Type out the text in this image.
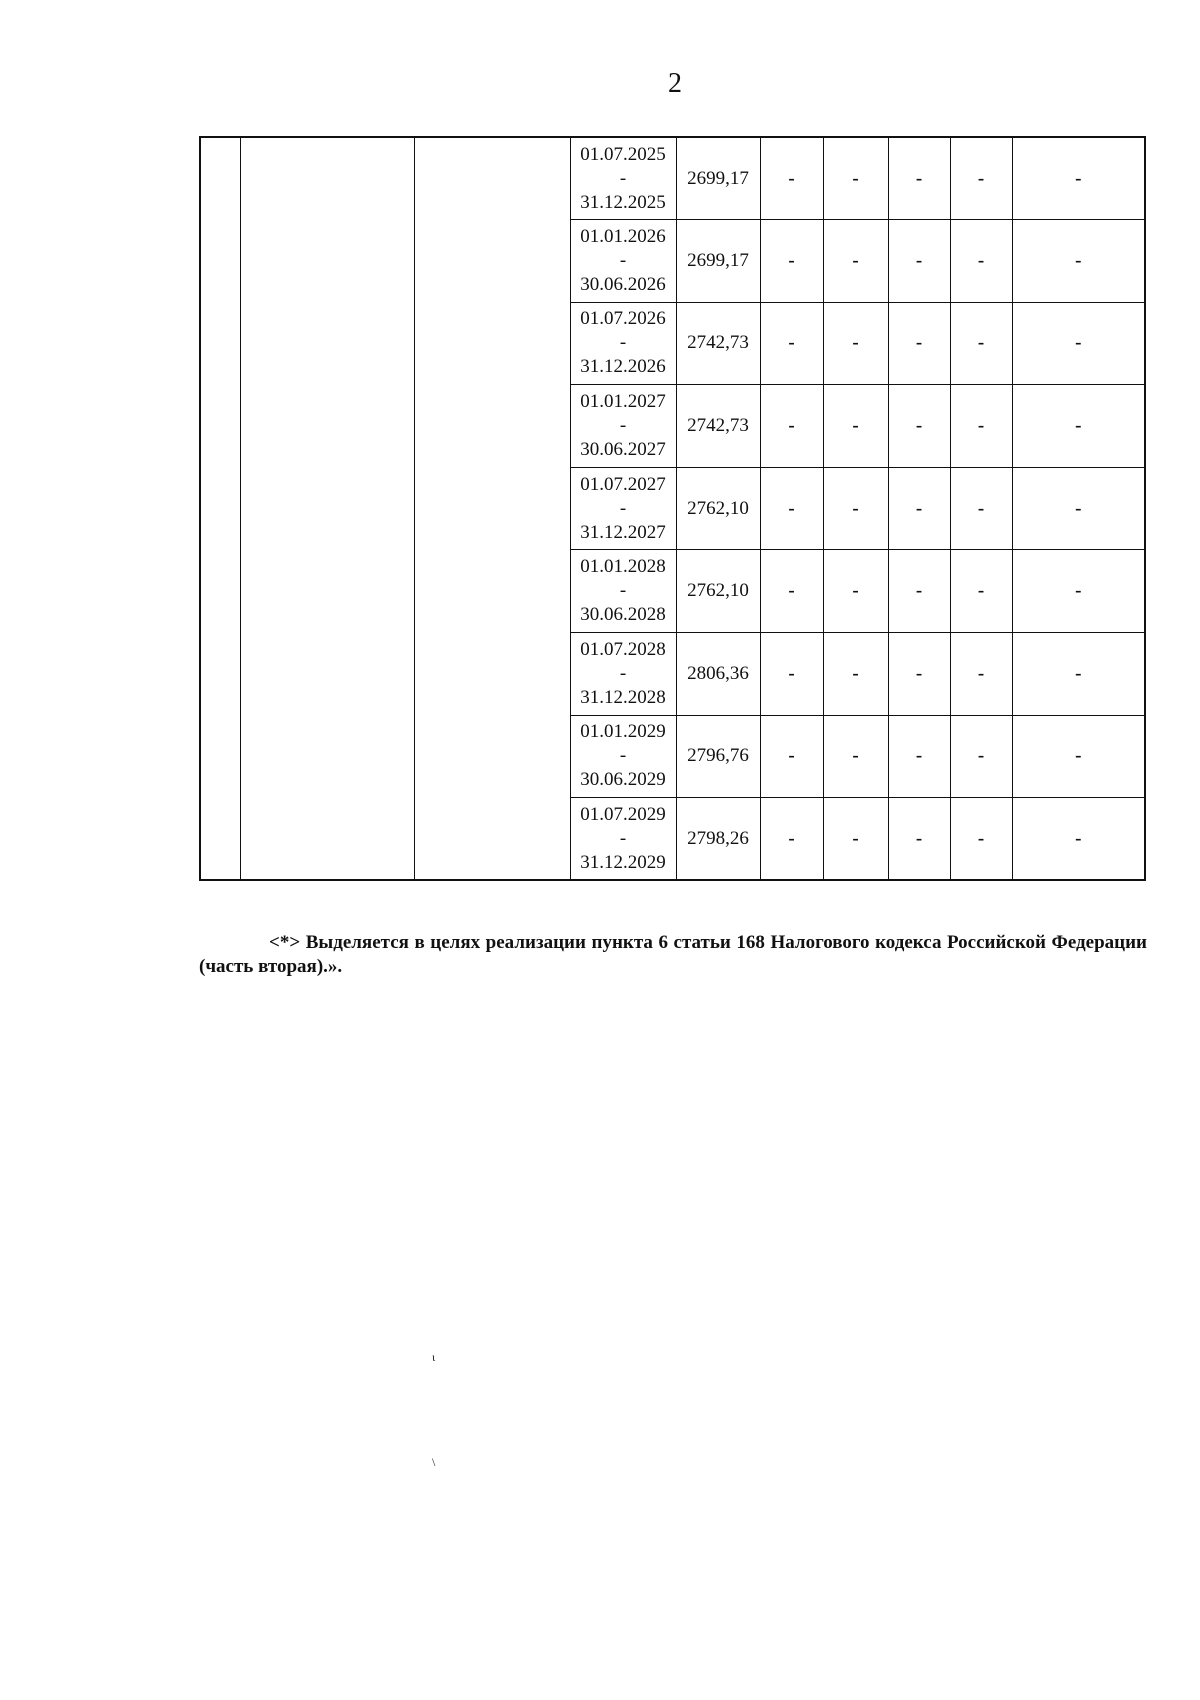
2

			01.07.2025
-
31.12.2025	2699,17	-	-	-	-	-

			01.01.2026
-
30.06.2026	2699,17	-	-	-	-	-

			01.07.2026
-
31.12.2026	2742,73	-	-	-	-	-

			01.01.2027
-
30.06.2027	2742,73	-	-	-	-	-

			01.07.2027
-
31.12.2027	2762,10	-	-	-	-	-

			01.01.2028
-
30.06.2028	2762,10	-	-	-	-	-

			01.07.2028
-
31.12.2028	2806,36	-	-	-	-	-

			01.01.2029
-
30.06.2029	2796,76	-	-	-	-	-

			01.07.2029
-
31.12.2029	2798,26	-	-	-	-	-

<*> Выделяется в целях реализации пункта 6 статьи 168 Налогового кодекса Российской Федерации (часть вторая).».

ι
\
